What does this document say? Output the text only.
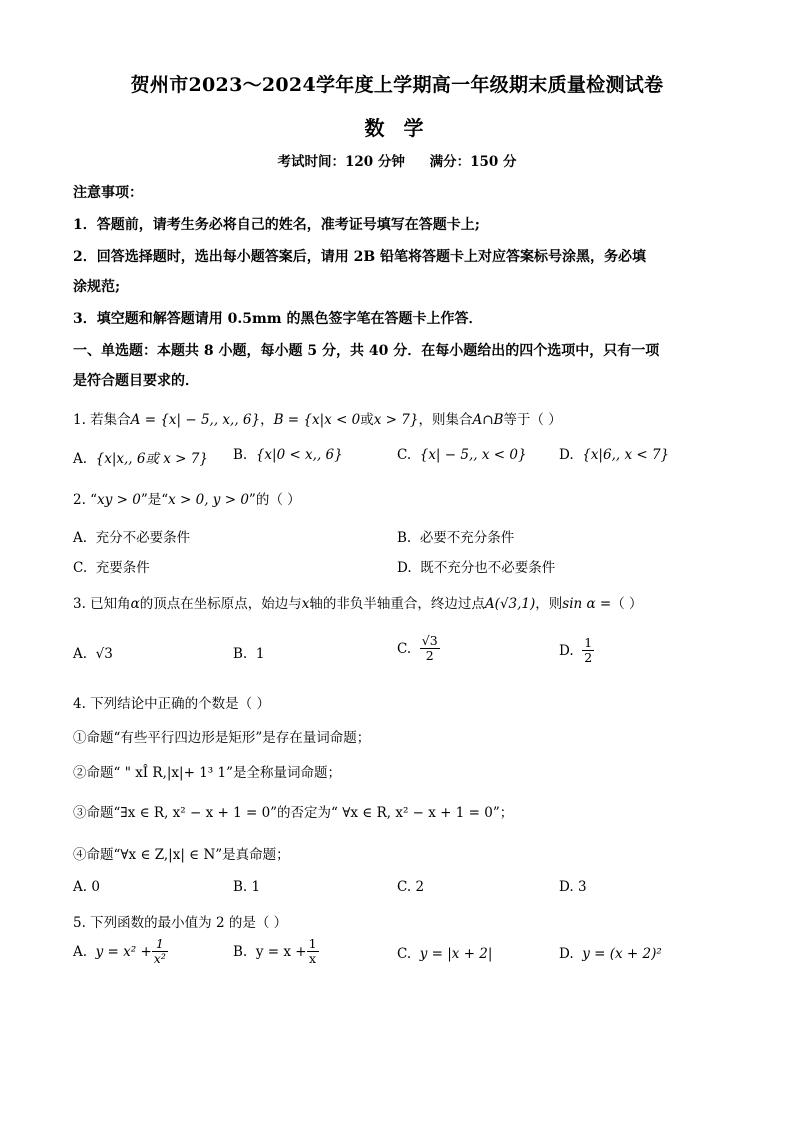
贺州市2023～2024学年度上学期高一年级期末质量检测试卷
数 学
考试时间：120 分钟 满分：150 分
注意事项：
1．答题前，请考生务必将自己的姓名，准考证号填写在答题卡上;
2．回答选择题时，选出每小题答案后，请用 2B 铅笔将答题卡上对应答案标号涂黑，务必填
涂规范;
3．填空题和解答题请用 0.5mm 的黑色签字笔在答题卡上作答．
一、单选题：本题共 8 小题，每小题 5 分，共 40 分．在每小题给出的四个选项中，只有一项
是符合题目要求的．
1. 若集合A = {x| − 5,, x,, 6}，B = {x|x < 0或x > 7}，则集合A∩B等于（ ）
A. {x|x,, 6或 x > 7} B. {x|0 < x,, 6}	C. {x| − 5,, x < 0} D. {x|6,, x < 7}
2. “xy > 0”是“x > 0, y > 0”的（ ）
A. 充分不必要条件	B. 必要不充分条件
C. 充要条件	D. 既不充分也不必要条件
3. 已知角α的顶点在坐标原点，始边与x轴的非负半轴重合，终边过点A(√3,1)，则sin α =（ ）
A. √3	B. 1	C. $\frac{√3}{2}$	D. $\frac{1}{2}$
4. 下列结论中正确的个数是（ ）
①命题“有些平行四边形是矩形”是存在量词命题；
②命题“ " xÎ R,|x|+ 1³ 1”是全称量词命题；
③命题“∃x ∈ R, x² − x + 1 = 0”的否定为“ ∀x ∈ R, x² − x + 1 = 0”；
④命题“∀x ∈ Z,|x| ∈ N”是真命题；
A. 0	B. 1	C. 2	D. 3
5. 下列函数的最小值为 2 的是（ ）
A. $y = x^2 + \frac{1}{\text{x²}}$	B. $y = x + \frac{1}{x}$	C. y = |x + 2|	D. y = (x + 2)²
